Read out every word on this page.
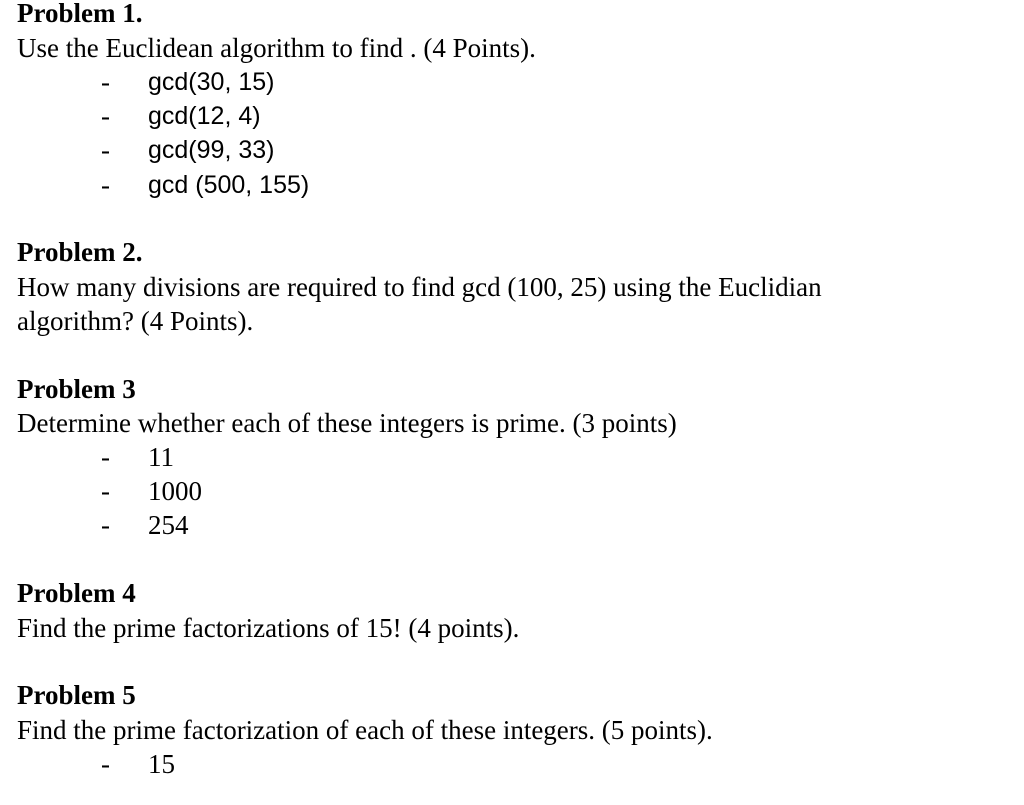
Problem 1.
Use the Euclidean algorithm to find . (4 Points).
- gcd(30, 15)
- gcd(12, 4)
- gcd(99, 33)
- gcd (500, 155)
Problem 2.
How many divisions are required to find gcd (100, 25) using the Euclidian
algorithm? (4 Points).
Problem 3
Determine whether each of these integers is prime. (3 points)
- 11
- 1000
- 254
Problem 4
Find the prime factorizations of 15! (4 points).
Problem 5
Find the prime factorization of each of these integers. (5 points).
- 15
